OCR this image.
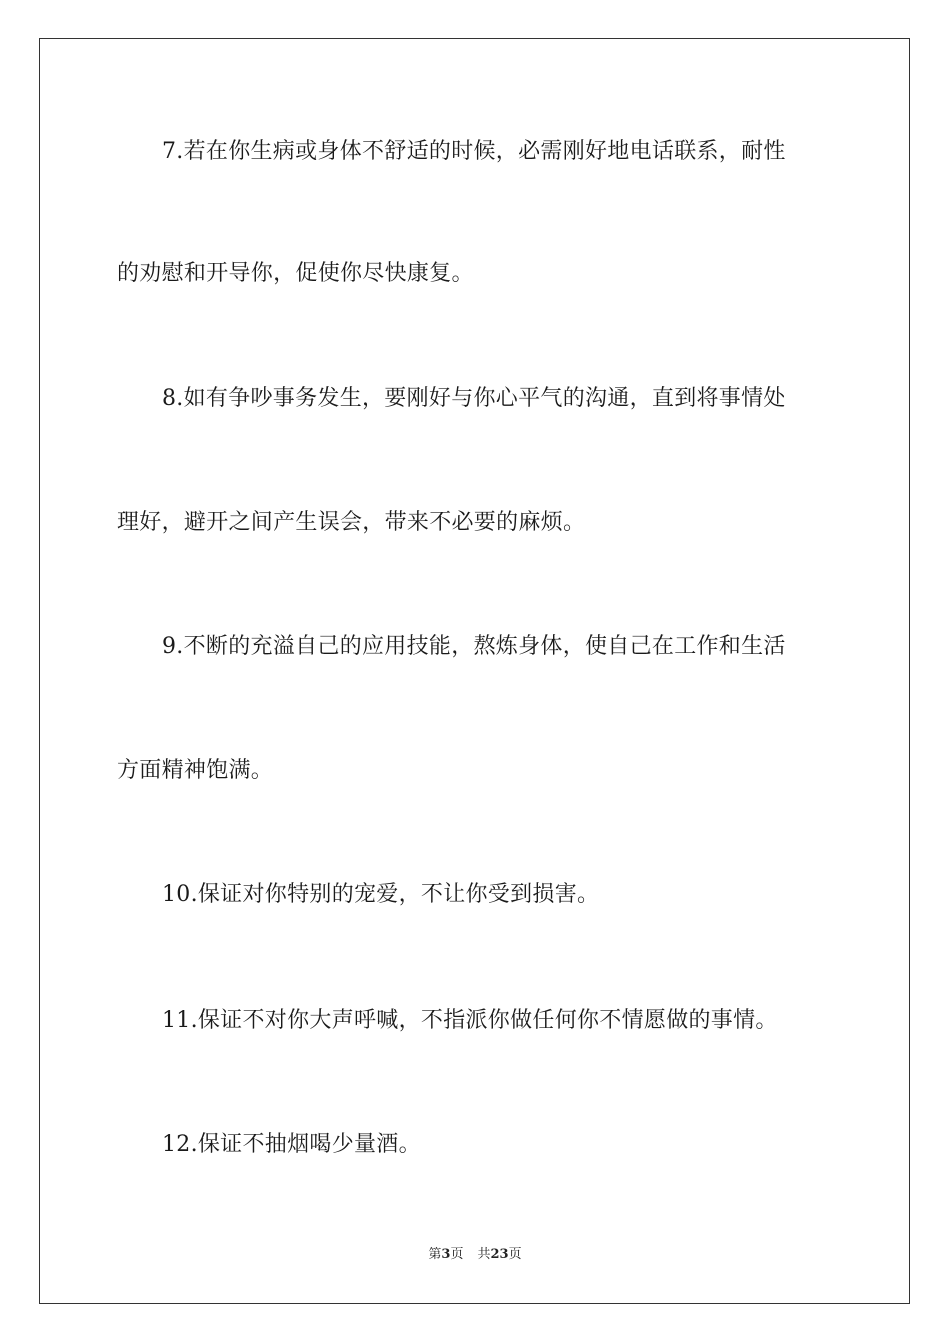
7.若在你生病或身体不舒适的时候，必需刚好地电话联系，耐性
的劝慰和开导你，促使你尽快康复。
8.如有争吵事务发生，要刚好与你心平气的沟通，直到将事情处
理好，避开之间产生误会，带来不必要的麻烦。
9.不断的充溢自己的应用技能，熬炼身体，使自己在工作和生活
方面精神饱满。
10.保证对你特别的宠爱，不让你受到损害。
11.保证不对你大声呼喊，不指派你做任何你不情愿做的事情。
12.保证不抽烟喝少量酒。
第3页 共23页
